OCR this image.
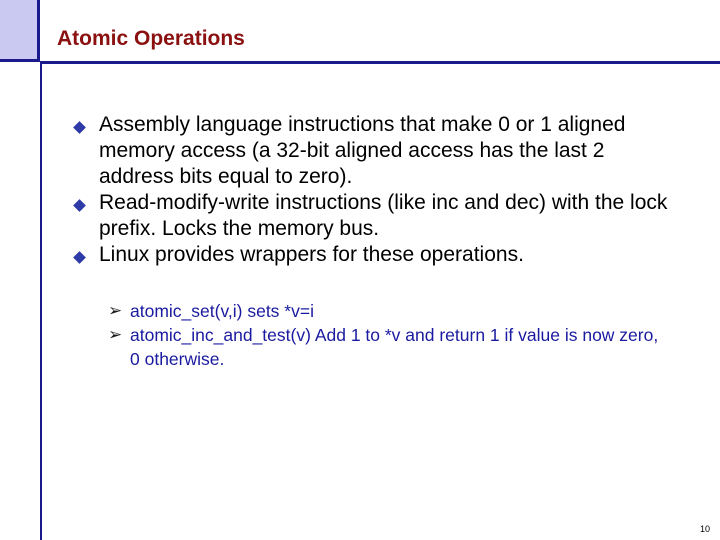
Atomic Operations
Assembly language instructions that make 0 or 1 aligned memory access (a 32-bit aligned access has the last 2 address bits equal to zero).
Read-modify-write instructions (like inc and dec) with the lock prefix. Locks the memory bus.
Linux provides wrappers for these operations.
➢ atomic_set(v,i) sets *v=i
➢ atomic_inc_and_test(v) Add 1 to *v and return 1 if value is now zero, 0 otherwise.
10
